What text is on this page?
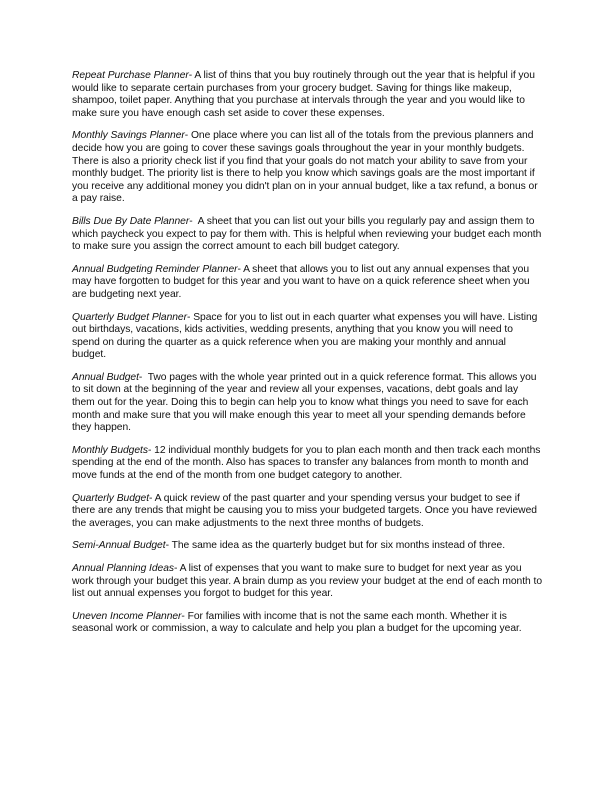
Repeat Purchase Planner- A list of thins that you buy routinely through out the year that is helpful if you would like to separate certain purchases from your grocery budget. Saving for things like makeup, shampoo, toilet paper. Anything that you purchase at intervals through the year and you would like to make sure you have enough cash set aside to cover these expenses.

Monthly Savings Planner- One place where you can list all of the totals from the previous planners and decide how you are going to cover these savings goals throughout the year in your monthly budgets. There is also a priority check list if you find that your goals do not match your ability to save from your monthly budget. The priority list is there to help you know which savings goals are the most important if you receive any additional money you didn't plan on in your annual budget, like a tax refund, a bonus or a pay raise.

Bills Due By Date Planner-  A sheet that you can list out your bills you regularly pay and assign them to which paycheck you expect to pay for them with. This is helpful when reviewing your budget each month to make sure you assign the correct amount to each bill budget category.

Annual Budgeting Reminder Planner- A sheet that allows you to list out any annual expenses that you may have forgotten to budget for this year and you want to have on a quick reference sheet when you are budgeting next year.

Quarterly Budget Planner- Space for you to list out in each quarter what expenses you will have. Listing out birthdays, vacations, kids activities, wedding presents, anything that you know you will need to spend on during the quarter as a quick reference when you are making your monthly and annual budget.

Annual Budget-  Two pages with the whole year printed out in a quick reference format. This allows you to sit down at the beginning of the year and review all your expenses, vacations, debt goals and lay them out for the year. Doing this to begin can help you to know what things you need to save for each month and make sure that you will make enough this year to meet all your spending demands before they happen.

Monthly Budgets- 12 individual monthly budgets for you to plan each month and then track each months spending at the end of the month. Also has spaces to transfer any balances from month to month and move funds at the end of the month from one budget category to another.

Quarterly Budget- A quick review of the past quarter and your spending versus your budget to see if there are any trends that might be causing you to miss your budgeted targets. Once you have reviewed the averages, you can make adjustments to the next three months of budgets.

Semi-Annual Budget- The same idea as the quarterly budget but for six months instead of three.

Annual Planning Ideas- A list of expenses that you want to make sure to budget for next year as you work through your budget this year. A brain dump as you review your budget at the end of each month to list out annual expenses you forgot to budget for this year.

Uneven Income Planner- For families with income that is not the same each month. Whether it is seasonal work or commission, a way to calculate and help you plan a budget for the upcoming year.
